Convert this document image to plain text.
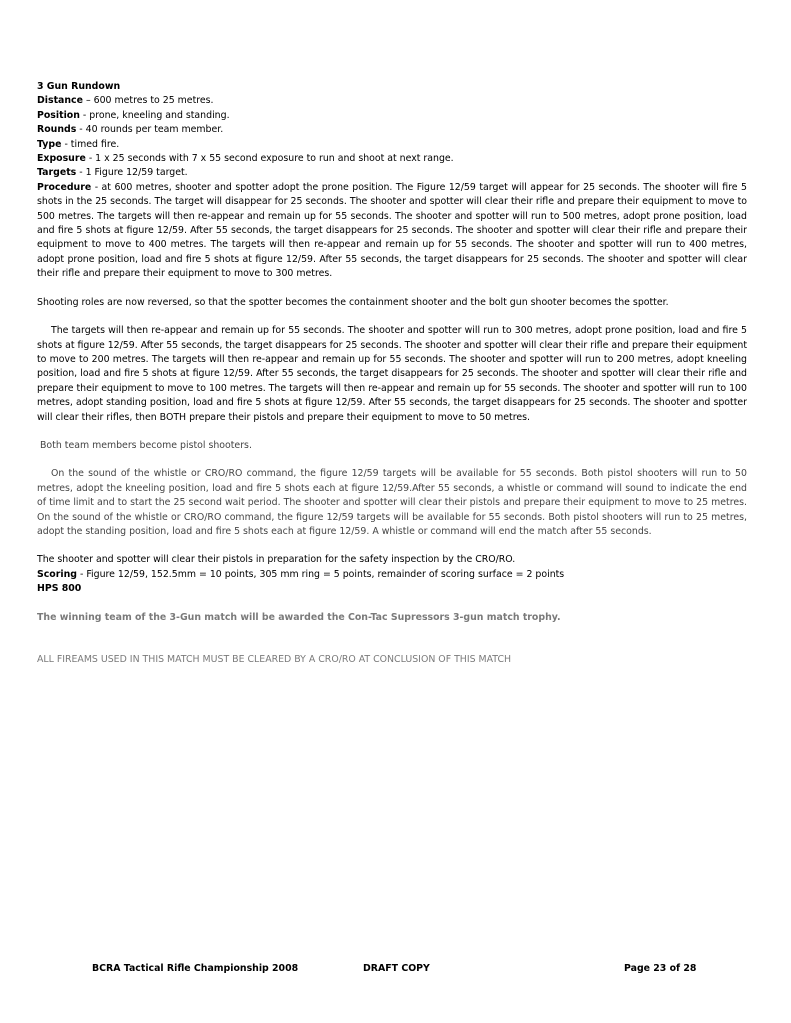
3 Gun Rundown
Distance – 600 metres to 25 metres.
Position - prone, kneeling and standing.
Rounds - 40 rounds per team member.
Type - timed fire.
Exposure - 1 x 25 seconds with 7 x 55 second exposure to run and shoot at next range.
Targets - 1 Figure 12/59 target.

Procedure - at 600 metres, shooter and spotter adopt the prone position. The Figure 12/59 target will appear for 25 seconds. The shooter will fire 5 shots in the 25 seconds. The target will disappear for 25 seconds. The shooter and spotter will clear their rifle and prepare their equipment to move to 500 metres. The targets will then re-appear and remain up for 55 seconds. The shooter and spotter will run to 500 metres, adopt prone position, load and fire 5 shots at figure 12/59. After 55 seconds, the target disappears for 25 seconds. The shooter and spotter will clear their rifle and prepare their equipment to move to 400 metres. The targets will then re-appear and remain up for 55 seconds. The shooter and spotter will run to 400 metres, adopt prone position, load and fire 5 shots at figure 12/59. After 55 seconds, the target disappears for 25 seconds. The shooter and spotter will clear their rifle and prepare their equipment to move to 300 metres.

Shooting roles are now reversed, so that the spotter becomes the containment shooter and the bolt gun shooter becomes the spotter.

The targets will then re-appear and remain up for 55 seconds. The shooter and spotter will run to 300 metres, adopt prone position, load and fire 5 shots at figure 12/59. After 55 seconds, the target disappears for 25 seconds. The shooter and spotter will clear their rifle and prepare their equipment to move to 200 metres. The targets will then re-appear and remain up for 55 seconds. The shooter and spotter will run to 200 metres, adopt kneeling position, load and fire 5 shots at figure 12/59. After 55 seconds, the target disappears for 25 seconds. The shooter and spotter will clear their rifle and prepare their equipment to move to 100 metres. The targets will then re-appear and remain up for 55 seconds. The shooter and spotter will run to 100 metres, adopt standing position, load and fire 5 shots at figure 12/59. After 55 seconds, the target disappears for 25 seconds. The shooter and spotter will clear their rifles, then BOTH prepare their pistols and prepare their equipment to move to 50 metres.

Both team members become pistol shooters.

On the sound of the whistle or CRO/RO command, the figure 12/59 targets will be available for 55 seconds. Both pistol shooters will run to 50 metres, adopt the kneeling position, load and fire 5 shots each at figure 12/59.After 55 seconds, a whistle or command will sound to indicate the end of time limit and to start the 25 second wait period. The shooter and spotter will clear their pistols and prepare their equipment to move to 25 metres. On the sound of the whistle or CRO/RO command, the figure 12/59 targets will be available for 55 seconds. Both pistol shooters will run to 25 metres, adopt the standing position, load and fire 5 shots each at figure 12/59. A whistle or command will end the match after 55 seconds.

The shooter and spotter will clear their pistols in preparation for the safety inspection by the CRO/RO.

Scoring - Figure 12/59, 152.5mm = 10 points, 305 mm ring = 5 points, remainder of scoring surface = 2 points

HPS 800

The winning team of the 3-Gun match will be awarded the Con-Tac Supressors 3-gun match trophy.

ALL FIREAMS USED IN THIS MATCH MUST BE CLEARED BY A CRO/RO AT CONCLUSION OF THIS MATCH

BCRA Tactical Rifle Championship 2008	DRAFT COPY	Page 23 of 28
